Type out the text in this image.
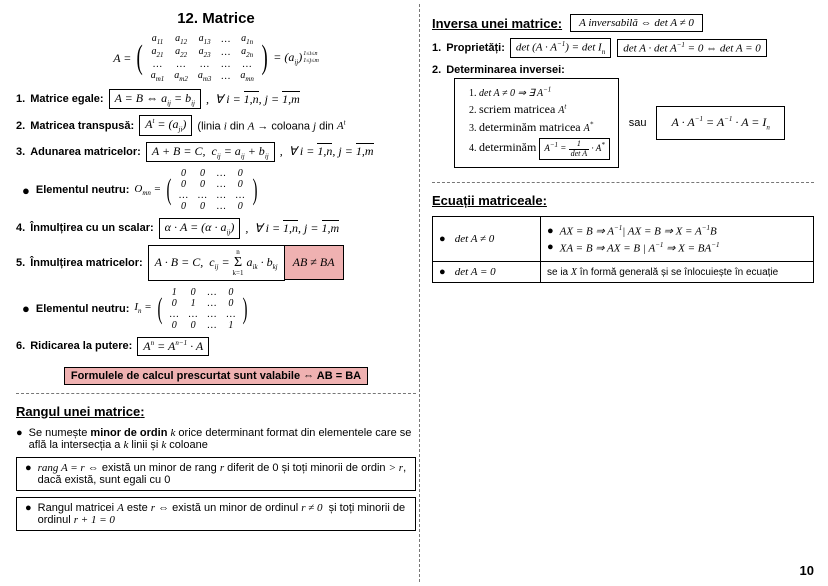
12. Matrice
A = (
$a_{11}$	$a_{12}$	$a_{13}$	…	$a_{1n}$
$a_{21}$	$a_{22}$	$a_{23}$	…	$a_{2n}$
…	…	…	…	…
$a_{m1}$	$a_{m2}$	$a_{m3}$	…	$a_{mn}$
) = $(a_{ij})$ 1≤i≤n
1≤j≤m
1. Matrice egale: A = B ⇔ $a_{ij} = b_{ij}$ ,  ∀ i = 1,n, j = 1,m
2. Matricea transpusă: $A^t = (a_{ji})$	(linia i din A → coloana j din $A^t$
3. Adunarea matricelor: A + B = C,  $c_{ij} = a_{ij} + b_{ij}$ ,  ∀ i = 1,n, j = 1,m
● Elementul neutru: $O_{mn}$ = ( 0	0	…	0
0	0	…	0
…	…	…	…
0	0	…	0
)
4. Înmulțirea cu un scalar: $\alpha \cdot A = (\alpha \cdot a_{ij})$ ,  ∀ i = 1,n, j = 1,m
5. Înmulțirea matricelor:	A · B = C,  $c_{ij}$ =
n
Σ
k=1
$a_{ik} \cdot b_{kj}$	AB ≠ BA
● Elementul neutru: $I_n$ = ( 1	0	…	0
0	1	…	0
…	…	…	…
0	0	…	1
)
6. Ridicarea la putere: $A^n = A^{n-1} \cdot A$
Formulele de calcul prescurtat sunt valabile ⇔ AB = BA
Rangul unei matrice:
● Se numește minor de ordin k orice determinant format din elementele care se află la intersecția a k linii și k coloane
● rang A = r ⇔ există un minor de rang r diferit de 0 și toți minorii de ordin > r, dacă există, sunt egali cu 0
● Rangul matricei A este r ⇔ există un minor de ordinul r ≠ 0  și toți minorii de ordinul r + 1 = 0
Inversa unei matrice:	A inversabilă ⇔ det A ≠ 0
1. Proprietăți:	$\det (A \cdot A^{-1}) = \det I_n$	$\det A \cdot \det A^{-1} = 0$ ⇔ det A = 0
2. Determinarea inversei:
1. det A ≠ 0 ⇒ ∃ $A^{-1}$
2. scriem matricea $A^t$
3. determinăm matricea A*
4. determinăm $A^{-1} = \frac{1}{\text{det A}} \cdot A^*$
sau	$A \cdot A^{-1} = A^{-1} \cdot A = I_n$
Ecuații matriceale:
● det A ≠ 0	● AX = B ⇒ $A^{-1}|$ AX = B ⇒ $X = A^{-1}B$
● XA = B ⇒ AX = B | $A^{-1}$ ⇒ $X = BA^{-1}$

● det A = 0	se ia X în formă generală și se înlocuiește în ecuație
10
